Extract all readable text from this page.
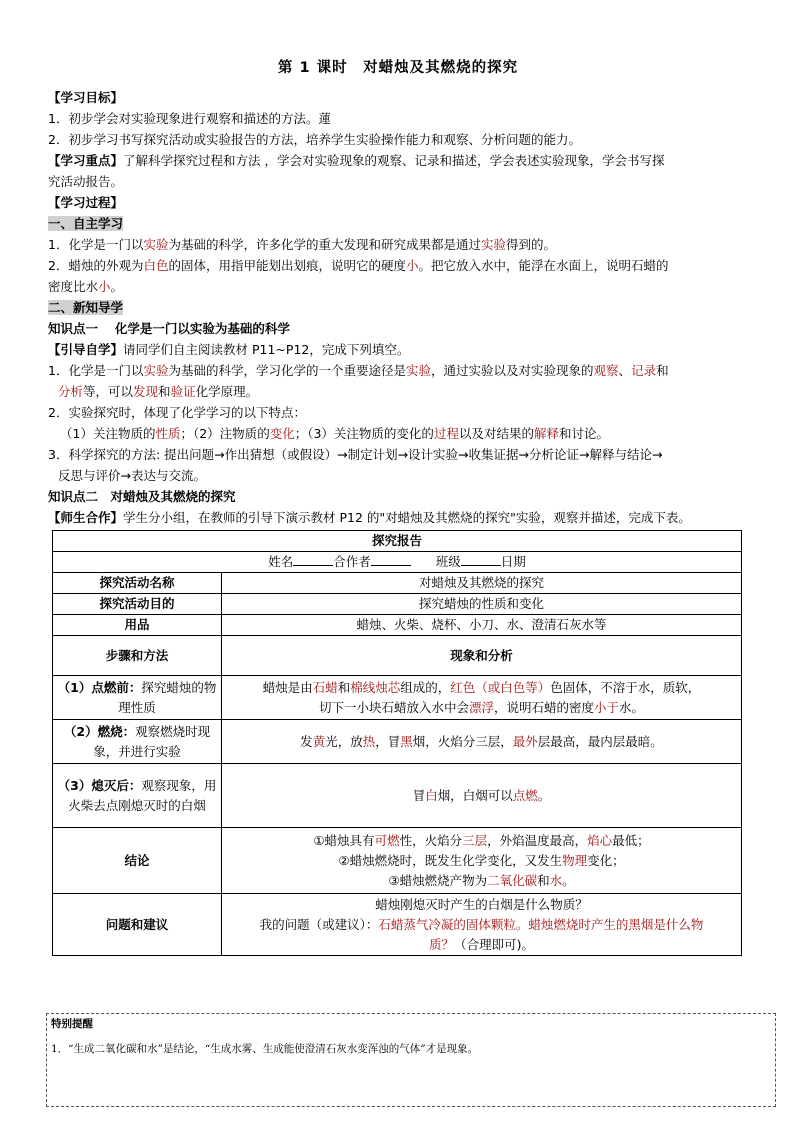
第 1 课时　对蜡烛及其燃烧的探究

【学习目标】

1．初步学会对实验现象进行观察和描述的方法。蓮

2．初步学习书写探究活动或实验报告的方法，培养学生实验操作能力和观察、分析问题的能力。

【学习重点】了解科学探究过程和方法 ，学会对实验现象的观察、记录和描述，学会表述实验现象，学会书写探

究活动报告。

【学习过程】

一、自主学习

1．化学是一门以实验为基础的科学，许多化学的重大发现和研究成果都是通过实验得到的。

2．蜡烛的外观为白色的固体，用指甲能划出划痕，说明它的硬度小。把它放入水中，能浮在水面上，说明石蜡的

密度比水小。

二、新知导学

知识点一　 化学是一门以实验为基础的科学

【引导自学】请同学们自主阅读教材 P11~P12，完成下列填空。

1．化学是一门以实验为基础的科学，学习化学的一个重要途径是实验，通过实验以及对实验现象的观察、记录和

分析等，可以发现和验证化学原理。

2．实验探究时，体现了化学学习的以下特点：

（1）关注物质的性质；（2）注物质的变化；（3）关注物质的变化的过程以及对结果的解释和讨论。

3．科学探究的方法: 提出问题→作出猜想（或假设）→制定计划→设计实验→收集证据→分析论证→解释与结论→

反思与评价→表达与交流。

知识点二　对蜡烛及其燃烧的探究

【师生合作】学生分小组，在教师的引导下演示教材 P12 的"对蜡烛及其燃烧的探究"实验，观察并描述，完成下表。

探究报告	
姓名 合作者　　 班级 日期	
探究活动名称	对蜡烛及其燃烧的探究
探究活动目的	探究蜡烛的性质和变化
用品	蜡烛、火柴、烧杯、小刀、水、澄清石灰水等
步骤和方法	现象和分析
（1）点燃前：探究蜡烛的物理性质	蜡烛是由石蜡和棉线烛芯组成的，红色（或白色等）色固体，不溶于水，质软，
切下一小块石蜡放入水中会漂浮，说明石蜡的密度小于水。
（2）燃烧：观察燃烧时现象，并进行实验	发黄光，放热，冒黑烟，火焰分三层，最外层最高，最内层最暗。
（3）熄灭后：观察现象，用火柴去点刚熄灭时的白烟	冒白烟，白烟可以点燃。
结论	①蜡烛具有可燃性，火焰分三层，外焰温度最高，焰心最低；
②蜡烛燃烧时，既发生化学变化，又发生物理变化；
③蜡烛燃烧产物为二氧化碳和水。
问题和建议	蜡烛刚熄灭时产生的白烟是什么物质？
我的问题（或建议）：石蜡蒸气冷凝的固体颗粒。蜡烛燃烧时产生的黑烟是什么物
质？（合理即可)。
特别提醒
1．“生成二氧化碳和水”是结论，“生成水雾、生成能使澄清石灰水变浑浊的气体”才是现象。
